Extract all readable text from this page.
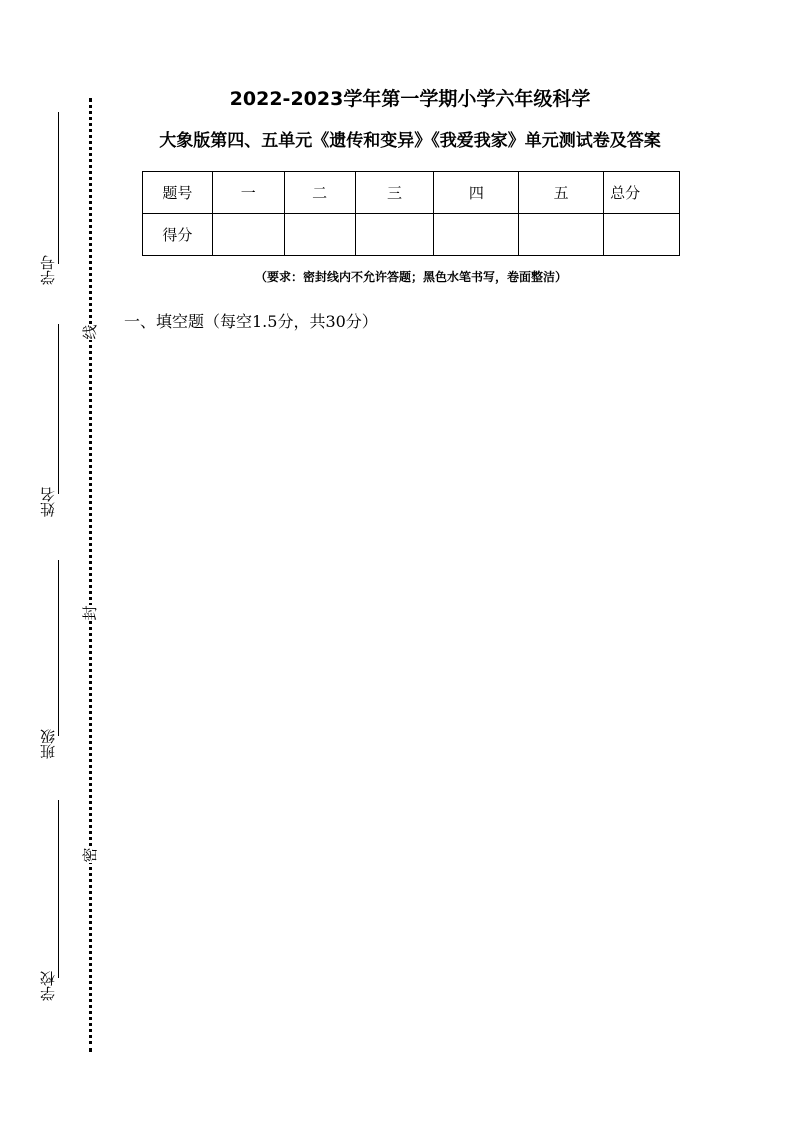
学号
姓名
班级
学校
线
封
密
2022-2023学年第一学期小学六年级科学
大象版第四、五单元《遗传和变异》《我爱我家》单元测试卷及答案
题号	一	二	三	四	五	总分
得分						
（要求：密封线内不允许答题；黑色水笔书写，卷面整洁）
一、填空题（每空1.5分，共30分）
